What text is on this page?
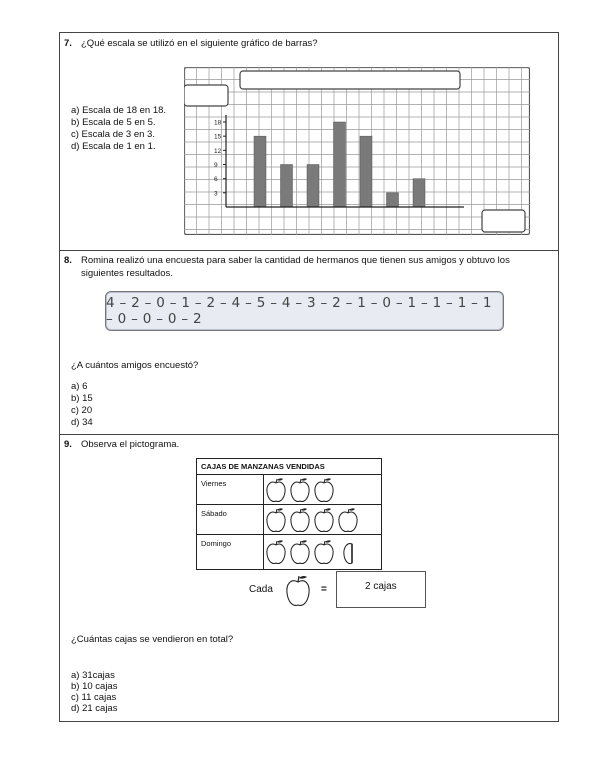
7. ¿Qué escala se utilizó en el siguiente gráfico de barras?
a) Escala de 18 en 18.
b) Escala de 5 en 5.
c) Escala de 3 en 3.
d) Escala de 1 en 1.
3
6
9
12
15
18
8. Romina realizó una encuesta para saber la cantidad de hermanos que tienen sus amigos y obtuvo los
siguientes resultados.
4 – 2 – 0 – 1 – 2 – 4 – 5 – 4 – 3 – 2 – 1 – 0 – 1 – 1 – 1 – 1 – 0 – 0 – 0 – 2
¿A cuántos amigos encuestó?
a) 6
b) 15
c) 20
d) 34
9. Observa el pictograma.
CAJAS DE MANZANAS VENDIDAS
Viernes
Sábado
Domingo
Cada	=	2 cajas
¿Cuántas cajas se vendieron en total?
a) 31cajas
b) 10 cajas
c) 11 cajas
d) 21 cajas
